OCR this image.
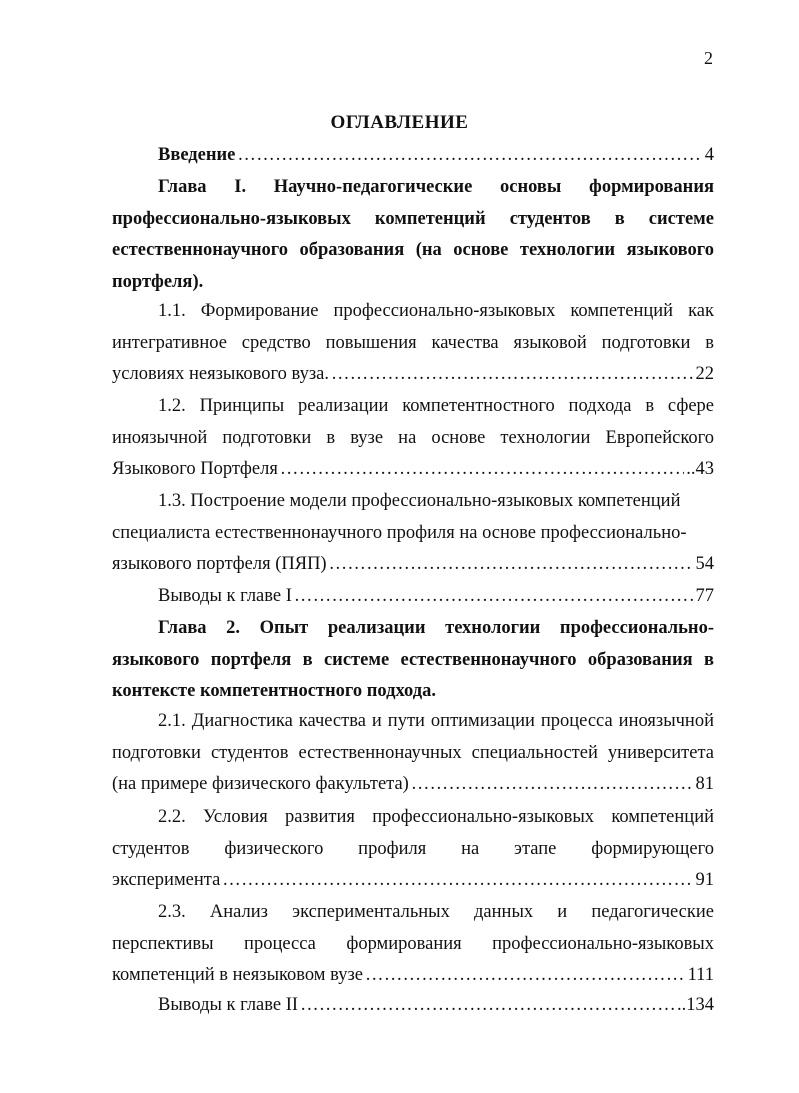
2
ОГЛАВЛЕНИЕ
Введение …………………………………………………………………………………………………………………………………………………………	4
Глава I. Научно-педагогические основы формирования
профессионально-языковых компетенций студентов в системе
естественнонаучного образования (на основе технологии языкового
портфеля).
1.1. Формирование профессионально-языковых компетенций как
интегративное средство повышения качества языковой подготовки в
условиях неязыкового вуза. …………………………………………………………………………………………………………………………………………………………	22
1.2. Принципы реализации компетентностного подхода в сфере
иноязычной подготовки в вузе на основе технологии Европейского
Языкового Портфеля …………………………………………………………………………………………………………………………………………………………	..43
1.3. Построение модели профессионально-языковых компетенций
специалиста естественнонаучного профиля на основе профессионально-
языкового портфеля (ПЯП) …………………………………………………………………………………………………………………………………………………………	54
Выводы к главе I …………………………………………………………………………………………………………………………………………………………	77
Глава 2. Опыт реализации технологии профессионально-
языкового портфеля в системе естественнонаучного образования в
контексте компетентностного подхода.
2.1. Диагностика качества и пути оптимизации процесса иноязычной
подготовки студентов естественнонаучных специальностей университета
(на примере физического факультета) …………………………………………………………………………………………………………………………………………………………	81
2.2. Условия развития профессионально-языковых компетенций
студентов физического профиля на этапе формирующего
эксперимента …………………………………………………………………………………………………………………………………………………………	91
2.3. Анализ экспериментальных данных и педагогические
перспективы процесса формирования профессионально-языковых
компетенций в неязыковом вузе …………………………………………………………………………………………………………………………………………………………	111
Выводы к главе II …………………………………………………………………………………………………………………………………………………………	..134
